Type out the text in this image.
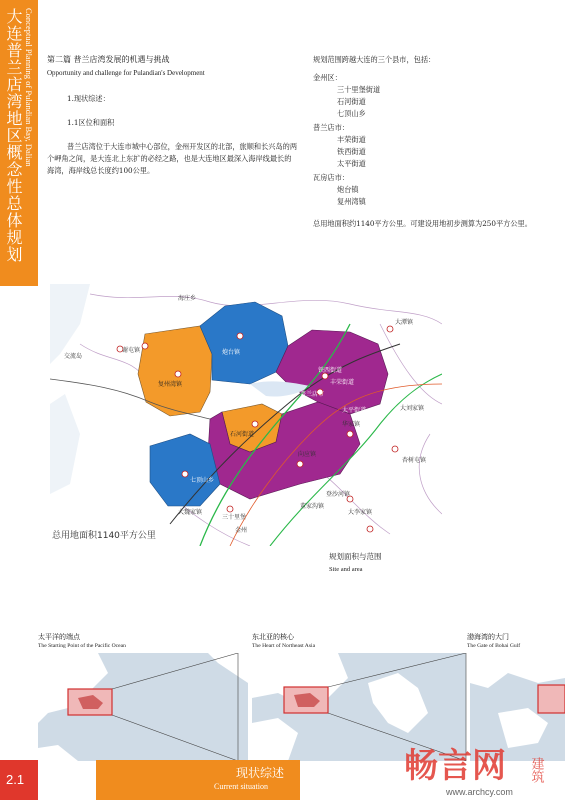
大连普兰店湾地区概念性总体规划 Conceptual Planning of Pulandian Bay, Dalian 第二篇 普兰店湾发展的机遇与挑战
Opportunity and challenge for Pulandian's Development
1.现状综述：
1.1区位和面积
普兰店湾位于大连市城中心部位，金州开发区的北部，旅顺和长兴岛的两个岬角之间，是大连北上东扩的必经之路，也是大连地区最深入海岸线最长的海湾，海岸线总长度约100公里。
规划范围跨越大连的三个县市，包括：
金州区：
三十里堡街道
石河街道
七顶山乡
普兰店市：
丰荣街道
铁西街道
太平街道
瓦房店市：
炮台镇
复州湾镇
总用地面积约1140平方公里。可建设用地初步测算为250平方公里。
海庄乡
大潭镇
交流岛
谢屯镇	炮台镇
复州湾镇
铁西街道
丰荣街道
太平街道	大刘家镇
石河街道
华家镇
向应镇
七顶山乡
大魏家镇
登沙河镇
三十里堡
董家沟镇
大李家镇
金州
杏树屯镇
普兰店市
总用地面积1140平方公里
规划面积与范围
Site and area
太平洋的端点
The Starting Point of the Pacific Ocean
东北亚的核心
The Heart of Northeast Asia
渤海湾的大门
The Gate of Bohai Gulf
2.1	现状综述
Current situation
畅言网 建筑
www.archcy.com
